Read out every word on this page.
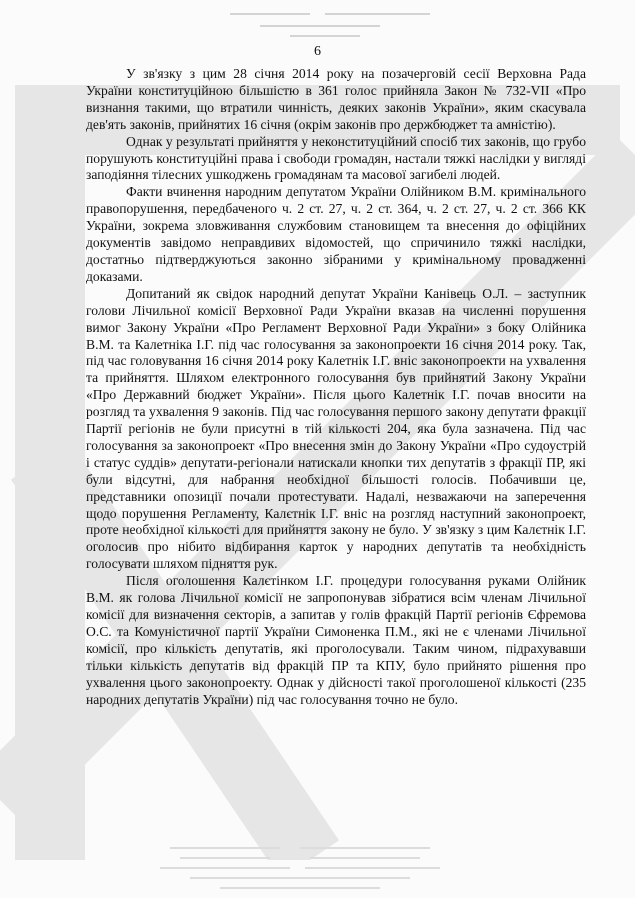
6

У зв'язку з цим 28 січня 2014 року на позачерговій сесії Верховна Рада України конституційною більшістю в 361 голос прийняла Закон № 732-VII «Про визнання такими, що втратили чинність, деяких законів України», яким скасувала дев'ять законів, прийнятих 16 січня (окрім законів про держбюджет та амністію).

Однак у результаті прийняття у неконституційний спосіб тих законів, що грубо порушують конституційні права і свободи громадян, настали тяжкі наслідки у вигляді заподіяння тілесних ушкоджень громадянам та масової загибелі людей.

Факти вчинення народним депутатом України Олійником В.М. кримінального правопорушення, передбаченого ч. 2 ст. 27, ч. 2 ст. 364, ч. 2 ст. 27, ч. 2 ст. 366 КК України, зокрема зловживання службовим становищем та внесення до офіційних документів завідомо неправдивих відомостей, що спричинило тяжкі наслідки, достатньо підтверджуються законно зібраними у кримінальному провадженні доказами.

Допитаний як свідок народний депутат України Канівець О.Л. – заступник голови Лічильної комісії Верховної Ради України вказав на численні порушення вимог Закону України «Про Регламент Верховної Ради України» з боку Олійника В.М. та Калетніка І.Г. під час голосування за законопроекти 16 січня 2014 року. Так, під час головування 16 січня 2014 року Калетнік І.Г. вніс законопроекти на ухвалення та прийняття. Шляхом електронного голосування був прийнятий Закону України «Про Державний бюджет України». Після цього Калетнік І.Г. почав вносити на розгляд та ухвалення 9 законів. Під час голосування першого закону депутати фракції Партії регіонів не були присутні в тій кількості 204, яка була зазначена. Під час голосування за законопроект «Про внесення змін до Закону України «Про судоустрій і статус суддів» депутати-регіонали натискали кнопки тих депутатів з фракції ПР, які були відсутні, для набрання необхідної більшості голосів. Побачивши це, представники опозиції почали протестувати. Надалі, незважаючи на заперечення щодо порушення Регламенту, Калєтнік І.Г. вніс на розгляд наступний законопроект, проте необхідної кількості для прийняття закону не було. У зв'язку з цим Калєтнік І.Г. оголосив про нібито відбирання карток у народних депутатів та необхідність голосувати шляхом підняття рук.

Після оголошення Калєтінком І.Г. процедури голосування руками Олійник В.М. як голова Лічильної комісії не запропонував зібратися всім членам Лічильної комісії для визначення секторів, а запитав у голів фракцій Партії регіонів Єфремова О.С. та Комуністичної партії України Симоненка П.М., які не є членами Лічильної комісії, про кількість депутатів, які проголосували. Таким чином, підрахувавши тільки кількість депутатів від фракцій ПР та КПУ, було прийнято рішення про ухвалення цього законопроекту. Однак у дійсності такої проголошеної кількості (235 народних депутатів України) під час голосування точно не було.
